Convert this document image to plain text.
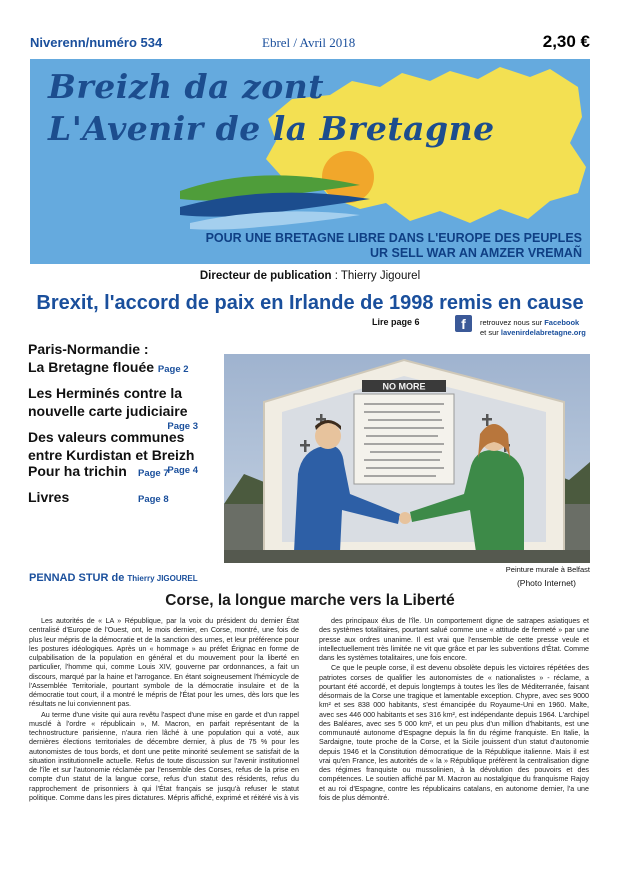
Niverenn/numéro 534	Ebrel / Avril 2018	2,30 €
Breizh da zont
L'Avenir de la Bretagne
POUR UNE BRETAGNE LIBRE DANS L'EUROPE DES PEUPLES
UR SELL WAR AN AMZER VREMAÑ
Directeur de publication : Thierry Jigourel
Brexit, l'accord de paix en Irlande de 1998 remis en cause
Lire page 6	f	retrouvez nous sur Facebook
et sur lavenirdelabretagne.org
Paris-Normandie :
La Bretagne flouée Page 2
Les Herminés contre la
nouvelle carte judiciaire
Page 3
Des valeurs communes
entre Kurdistan et Breizh
Page 4
Pour ha trichin	Page 7
Livres	Page 8
NO MORE
Peinture murale à Belfast
(Photo Internet)
PENNAD STUR de Thierry JIGOUREL
Corse, la longue marche vers la Liberté

Les autorités de « LA » République, par la voix du président du dernier État centralisé d'Europe de l'Ouest, ont, le mois dernier, en Corse, montré, une fois de plus leur mépris de la démocratie et de la sanction des urnes, et leur préférence pour les postures idéologiques. Après un « hommage » au préfet Érignac en forme de culpabilisation de la population en général et du mouvement pour la liberté en particulier, l'homme qui, comme Louis XIV, gouverne par ordonnances, a fait un discours, marqué par la haine et l'arrogance. En étant soigneusement l'hémicycle de l'Assemblée Territoriale, pourtant symbole de la démocratie insulaire et de la démocratie tout court, il a montré le mépris de l'État pour les urnes, dès lors que les résultats ne lui conviennent pas.

Au terme d'une visite qui aura revêtu l'aspect d'une mise en garde et d'un rappel musclé à l'ordre « républicain », M. Macron, en parfait représentant de la technostructure parisienne, n'aura rien lâché à une population qui a voté, aux dernières élections territoriales de décembre dernier, à plus de 75 % pour les autonomistes de tous bords, et dont une petite minorité seulement se satisfait de la situation institutionnelle actuelle. Refus de toute discussion sur l'avenir institutionnel de l'île et sur l'autonomie réclamée par l'ensemble des Corses, refus de la prise en compte d'un statut de la langue corse, refus d'un statut des résidents, refus du rapprochement de prisonniers à qui l'État français se jusqu'à refuser le statut politique. Comme dans les pires dictatures. Mépris affiché, exprimé et réitéré vis à vis

des principaux élus de l'île. Un comportement digne de satrapes asiatiques et des systèmes totalitaires, pourtant salué comme une « attitude de fermeté » par une presse aux ordres unanime. Il est vrai que l'ensemble de cette presse veule et intellectuellement très limitée ne vit que grâce et par les subventions d'État. Comme dans les systèmes totalitaires, une fois encore.

Ce que le peuple corse, il est devenu obsolète depuis les victoires répétées des patriotes corses de qualifier les autonomistes de « nationalistes » - réclame, a pourtant été accordé, et depuis longtemps à toutes les îles de Méditerranée, faisant désormais de la Corse une tragique et lamentable exception. Chypre, avec ses 9000 km² et ses 838 000 habitants, s'est émancipée du Royaume-Uni en 1960. Malte, avec ses 446 000 habitants et ses 316 km², est indépendante depuis 1964. L'archipel des Baléares, avec ses 5 000 km², et un peu plus d'un million d'habitants, est une communauté autonome d'Espagne depuis la fin du régime franquiste. En Italie, la Sardaigne, toute proche de la Corse, et la Sicile jouissent d'un statut d'autonomie depuis 1946 et la Constitution démocratique de la République italienne. Mais il est vrai qu'en France, les autorités de « la » République préfèrent la centralisation digne des régimes franquiste ou mussolinien, à la dévolution des pouvoirs et des compétences. Le soutien affiché par M. Macron au nostalgique du franquisme Rajoy et au roi d'Espagne, contre les républicains catalans, en autonome dernier, l'a une fois de plus démontré.
